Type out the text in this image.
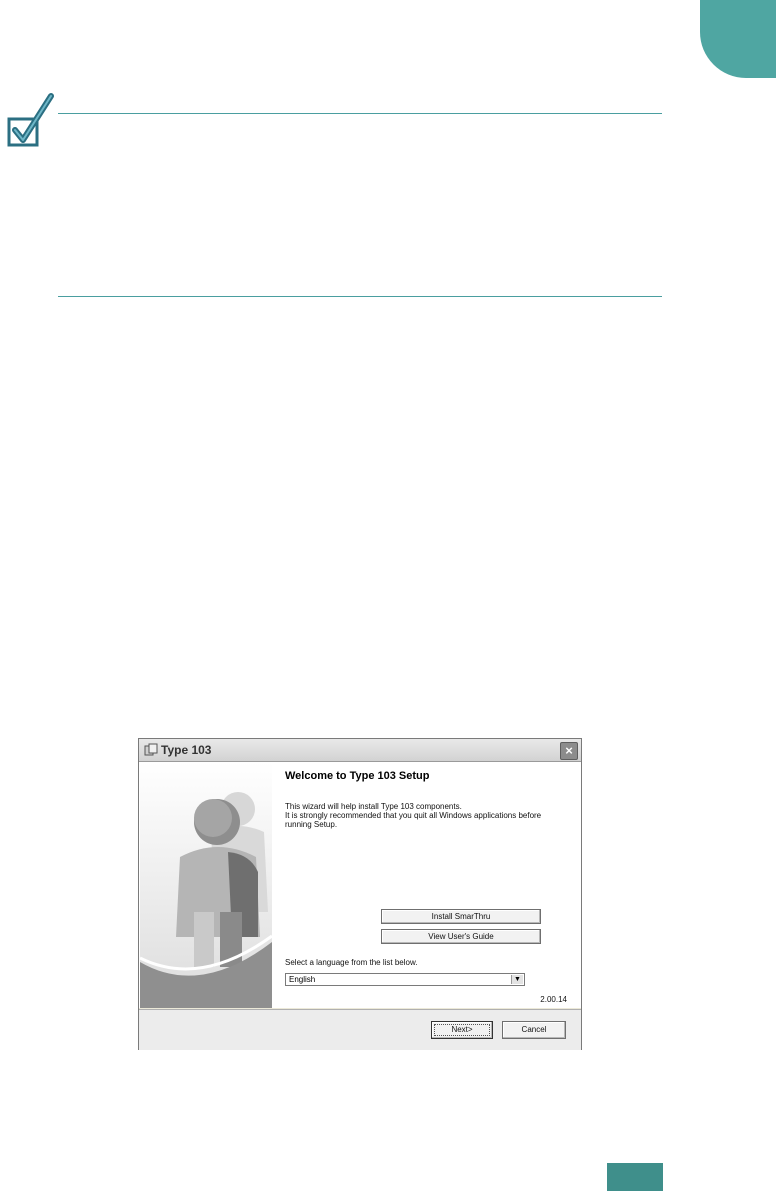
Type 103	×
Welcome to Type 103 Setup
This wizard will help install Type 103 components.
It is strongly recommended that you quit all Windows applications before
running Setup.
Install SmarThru
View User's Guide
Select a language from the list below.
English	▼
2.00.14
Next>	Cancel
